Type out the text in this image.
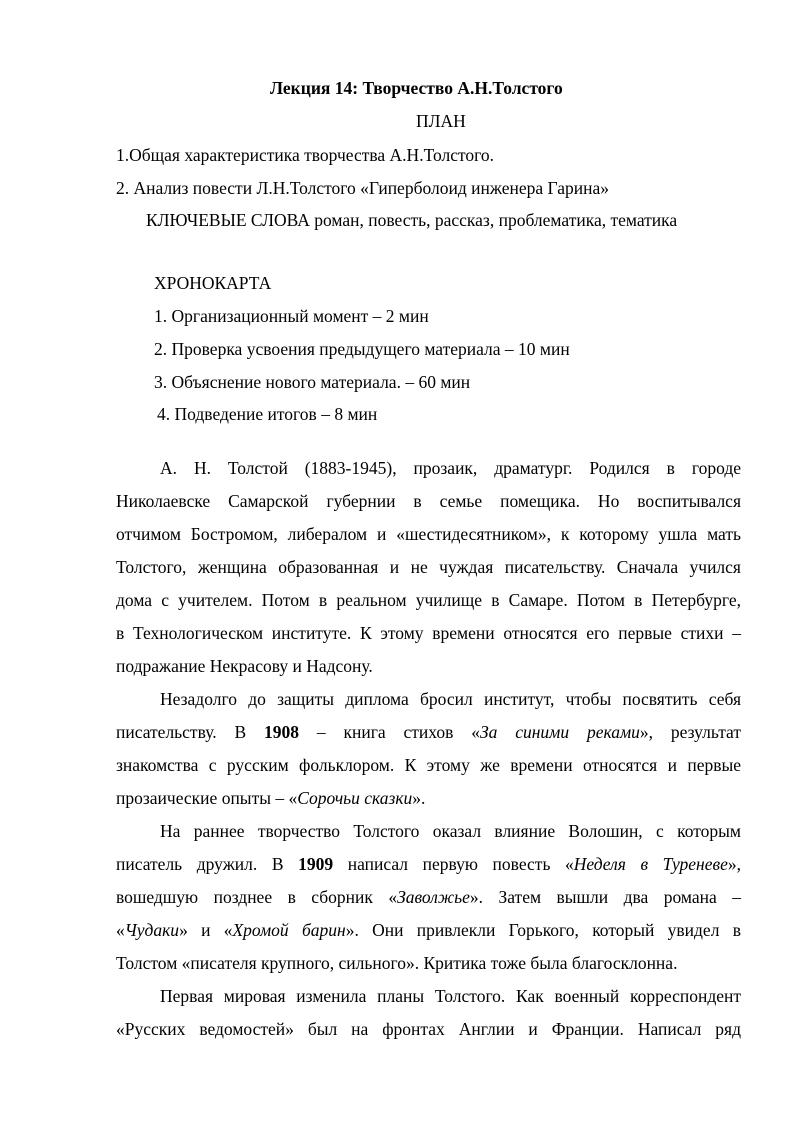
Лекция 14: Творчество А.Н.Толстого
ПЛАН
1.Общая характеристика творчества А.Н.Толстого.
2. Анализ повести Л.Н.Толстого «Гиперболоид инженера Гарина»
КЛЮЧЕВЫЕ СЛОВА роман, повесть, рассказ, проблематика, тематика
ХРОНОКАРТА
1. Организационный момент – 2 мин
2. Проверка усвоения предыдущего материала – 10 мин
3. Объяснение нового материала. – 60 мин
4. Подведение итогов – 8 мин
А. Н. Толстой (1883-1945), прозаик, драматург. Родился в городе
Николаевске Самарской губернии в семье помещика. Но воспитывался
отчимом Бостромом, либералом и «шестидесятником», к которому ушла мать
Толстого, женщина образованная и не чуждая писательству. Сначала учился
дома с учителем. Потом в реальном училище в Самаре. Потом в Петербурге,
в Технологическом институте. К этому времени относятся его первые стихи –
подражание Некрасову и Надсону.
Незадолго до защиты диплома бросил институт, чтобы посвятить себя
писательству. В 1908 – книга стихов «За синими реками», результат
знакомства с русским фольклором. К этому же времени относятся и первые
прозаические опыты – «Сорочьи сказки».
На раннее творчество Толстого оказал влияние Волошин, с которым
писатель дружил. В 1909 написал первую повесть «Неделя в Туреневе»,
вошедшую позднее в сборник «Заволжье». Затем вышли два романа –
«Чудаки» и «Хромой барин». Они привлекли Горького, который увидел в
Толстом «писателя крупного, сильного». Критика тоже была благосклонна.
Первая мировая изменила планы Толстого. Как военный корреспондент
«Русских ведомостей» был на фронтах Англии и Франции. Написал ряд
